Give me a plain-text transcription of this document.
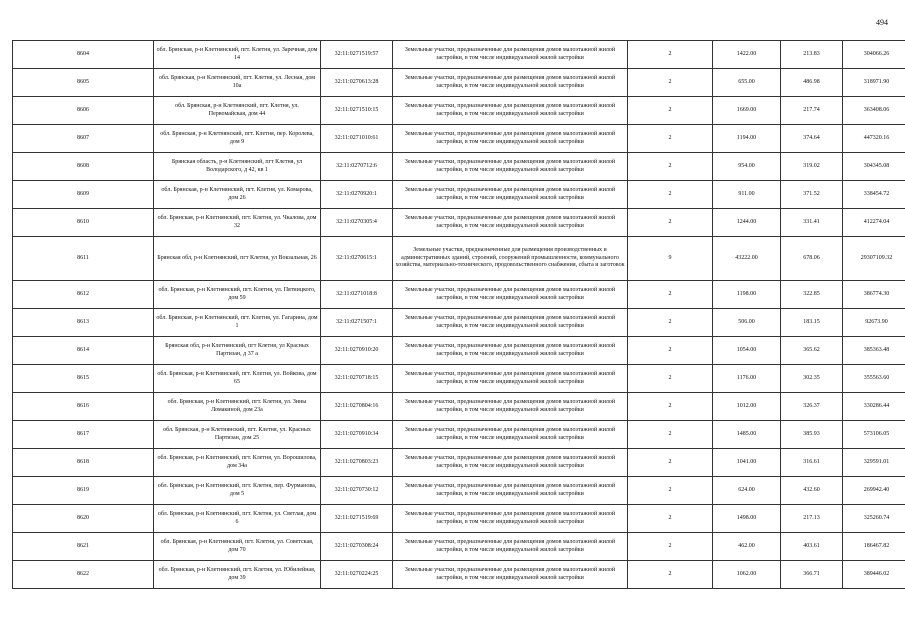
494
8604	обл. Брянская, р-н Клетнянский, пгт. Клетня, ул. Заречная, дом 14	32:11:0271519:57	Земельные участки, предназначенные для размещения домов малоэтажной жилой застройки, в том числе индивидуальной жилой застройки	2	1422.00	213.83	304066.26
8605	обл. Брянская, р-н Клетнянский, пгт. Клетня, ул. Лесная, дом 10а	32:11:0270613:28	Земельные участки, предназначенные для размещения домов малоэтажной жилой застройки, в том числе индивидуальной жилой застройки	2	655.00	486.98	318971.90
8606	обл. Брянская, р-н Клетнянский, пгт. Клетня, ул. Первомайская, дом 44	32:11:0271510:15	Земельные участки, предназначенные для размещения домов малоэтажной жилой застройки, в том числе индивидуальной жилой застройки	2	1669.00	217.74	363408.06
8607	обл. Брянская, р-н Клетнянский, пгт. Клетня, пер. Королева, дом 9	32:11:0271010:61	Земельные участки, предназначенные для размещения домов малоэтажной жилой застройки, в том числе индивидуальной жилой застройки	2	1194.00	374.64	447320.16
8608	Брянская область, р-н Клетнянский, пгт Клетня, ул Володарского, д 42, кв 1	32:11:0270712:6	Земельные участки, предназначенные для размещения домов малоэтажной жилой застройки, в том числе индивидуальной жилой застройки	2	954.00	319.02	304345.08
8609	обл. Брянская, р-н Клетнянский, пгт. Клетня, ул. Комарова, дом 26	32:11:0270920:1	Земельные участки, предназначенные для размещения домов малоэтажной жилой застройки, в том числе индивидуальной жилой застройки	2	911.00	371.52	338454.72
8610	обл. Брянская, р-н Клетнянский, пгт. Клетня, ул. Чкалова, дом 32	32:11:0270305:4	Земельные участки, предназначенные для размещения домов малоэтажной жилой застройки, в том числе индивидуальной жилой застройки	2	1244.00	331.41	412274.04
8611	Брянская обл, р-н Клетнянский, пгт Клетня, ул Вокзальная, 26	32:11:0270615:1	Земельные участки, предназначенные для размещения производственных и административных зданий, строений, сооружений промышленности, коммунального хозяйства, материально-технического, продовольственного снабжения, сбыта и заготовок	9	43222.00	678.06	29307109.32
8612	обл. Брянская, р-н Клетнянский, пгт. Клетня, ул. Пятницкого, дом 59	32:11:0271018:8	Земельные участки, предназначенные для размещения домов малоэтажной жилой застройки, в том числе индивидуальной жилой застройки	2	1198.00	322.85	386774.30
8613	обл. Брянская, р-н Клетнянский, пгт. Клетня, ул. Гагарина, дом 1	32:11:0271507:1	Земельные участки, предназначенные для размещения домов малоэтажной жилой застройки, в том числе индивидуальной жилой застройки	2	506.00	183.15	92673.90
8614	Брянская обл, р-н Клетнянский, пгт Клетня, ул Красных Партизан, д 37 а	32:11:0270910:20	Земельные участки, предназначенные для размещения домов малоэтажной жилой застройки, в том числе индивидуальной жилой застройки	2	1054.00	365.62	385363.48
8615	обл. Брянская, р-н Клетнянский, пгт. Клетня, ул. Войкова, дом 65	32:11:0270718:15	Земельные участки, предназначенные для размещения домов малоэтажной жилой застройки, в том числе индивидуальной жилой застройки	2	1176.00	302.35	355563.60
8616	обл. Брянская, р-н Клетнянский, пгт. Клетня, ул. Зины Ломакиной, дом 23а	32:11:0270804:16	Земельные участки, предназначенные для размещения домов малоэтажной жилой застройки, в том числе индивидуальной жилой застройки	2	1012.00	326.37	330286.44
8617	обл. Брянская, р-н Клетнянский, пгт. Клетня, ул. Красных Партизан, дом 25	32:11:0270910:34	Земельные участки, предназначенные для размещения домов малоэтажной жилой застройки, в том числе индивидуальной жилой застройки	2	1485.00	385.93	573106.05
8618	обл. Брянская, р-н Клетнянский, пгт. Клетня, ул. Ворошилова, дом 34а	32:11:0270803:23	Земельные участки, предназначенные для размещения домов малоэтажной жилой застройки, в том числе индивидуальной жилой застройки	2	1041.00	316.61	329591.01
8619	обл. Брянская, р-н Клетнянский, пгт. Клетня, пер. Фурманова, дом 5	32:11:0270730:12	Земельные участки, предназначенные для размещения домов малоэтажной жилой застройки, в том числе индивидуальной жилой застройки	2	624.00	432.60	269942.40
8620	обл. Брянская, р-н Клетнянский, пгт. Клетня, ул. Светлая, дом 6	32:11:0271519:69	Земельные участки, предназначенные для размещения домов малоэтажной жилой застройки, в том числе индивидуальной жилой застройки	2	1498.00	217.13	325260.74
8621	обл. Брянская, р-н Клетнянский, пгт. Клетня, ул. Советская, дом 70	32:11:0270308:24	Земельные участки, предназначенные для размещения домов малоэтажной жилой застройки, в том числе индивидуальной жилой застройки	2	462.00	403.61	186467.82
8622	обл. Брянская, р-н Клетнянский, пгт. Клетня, ул. Юбилейная, дом 39	32:11:0270224:25	Земельные участки, предназначенные для размещения домов малоэтажной жилой застройки, в том числе индивидуальной жилой застройки	2	1062.00	366.71	389446.02
